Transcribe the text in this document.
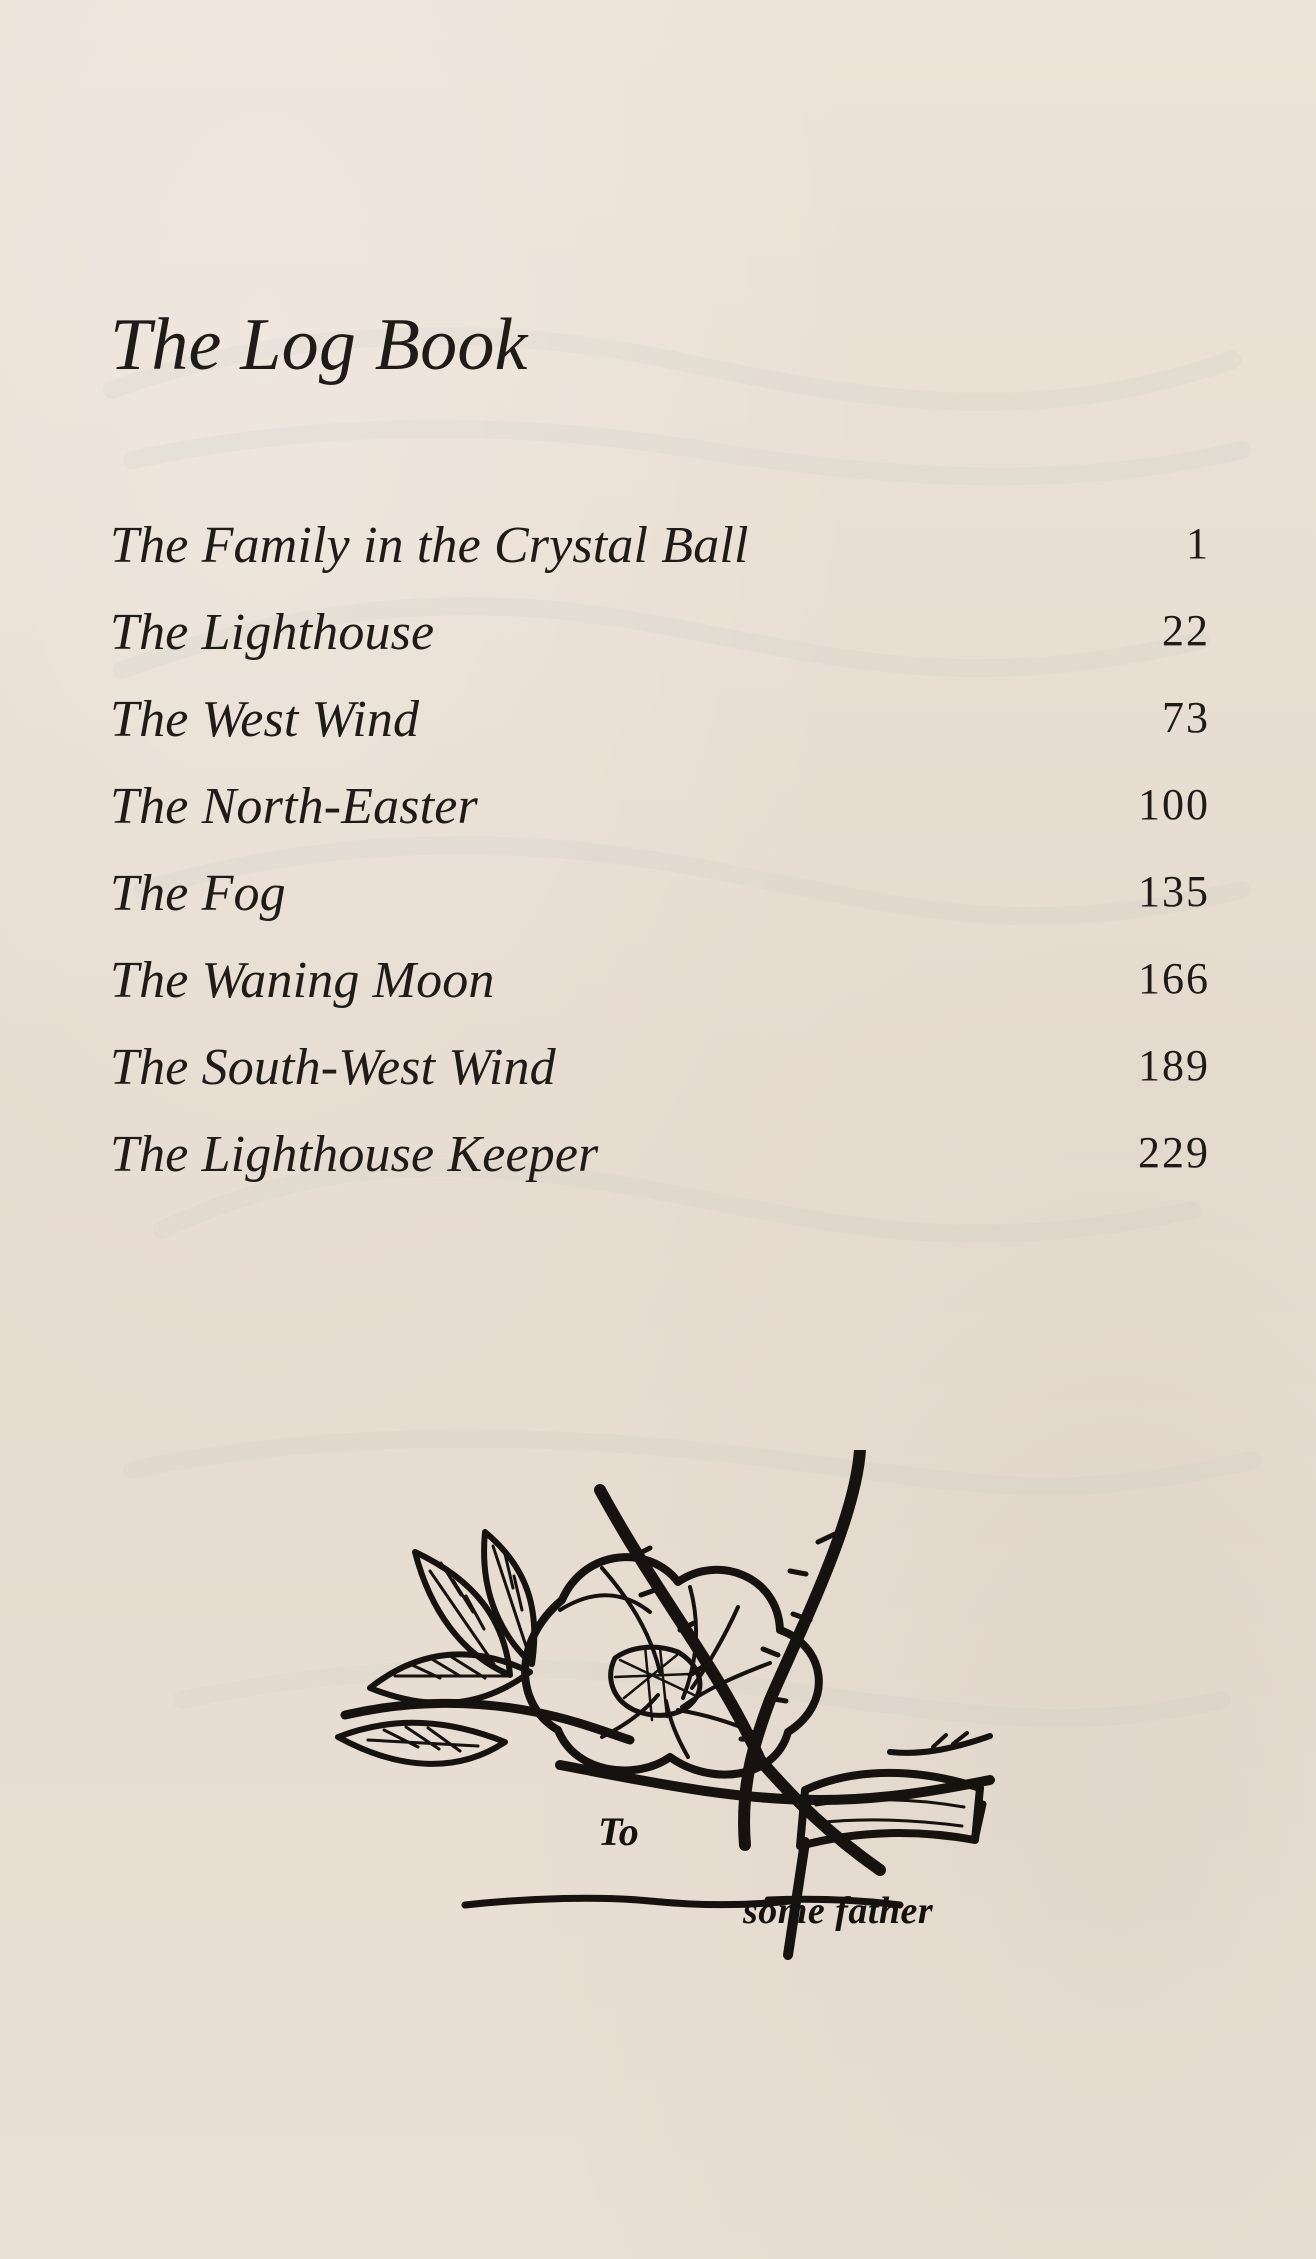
The Log Book
The Family in the Crystal Ball	1
The Lighthouse	22
The West Wind	73
The North-Easter	100
The Fog	135
The Waning Moon	166
The South-West Wind	189
The Lighthouse Keeper	229
To
some father
